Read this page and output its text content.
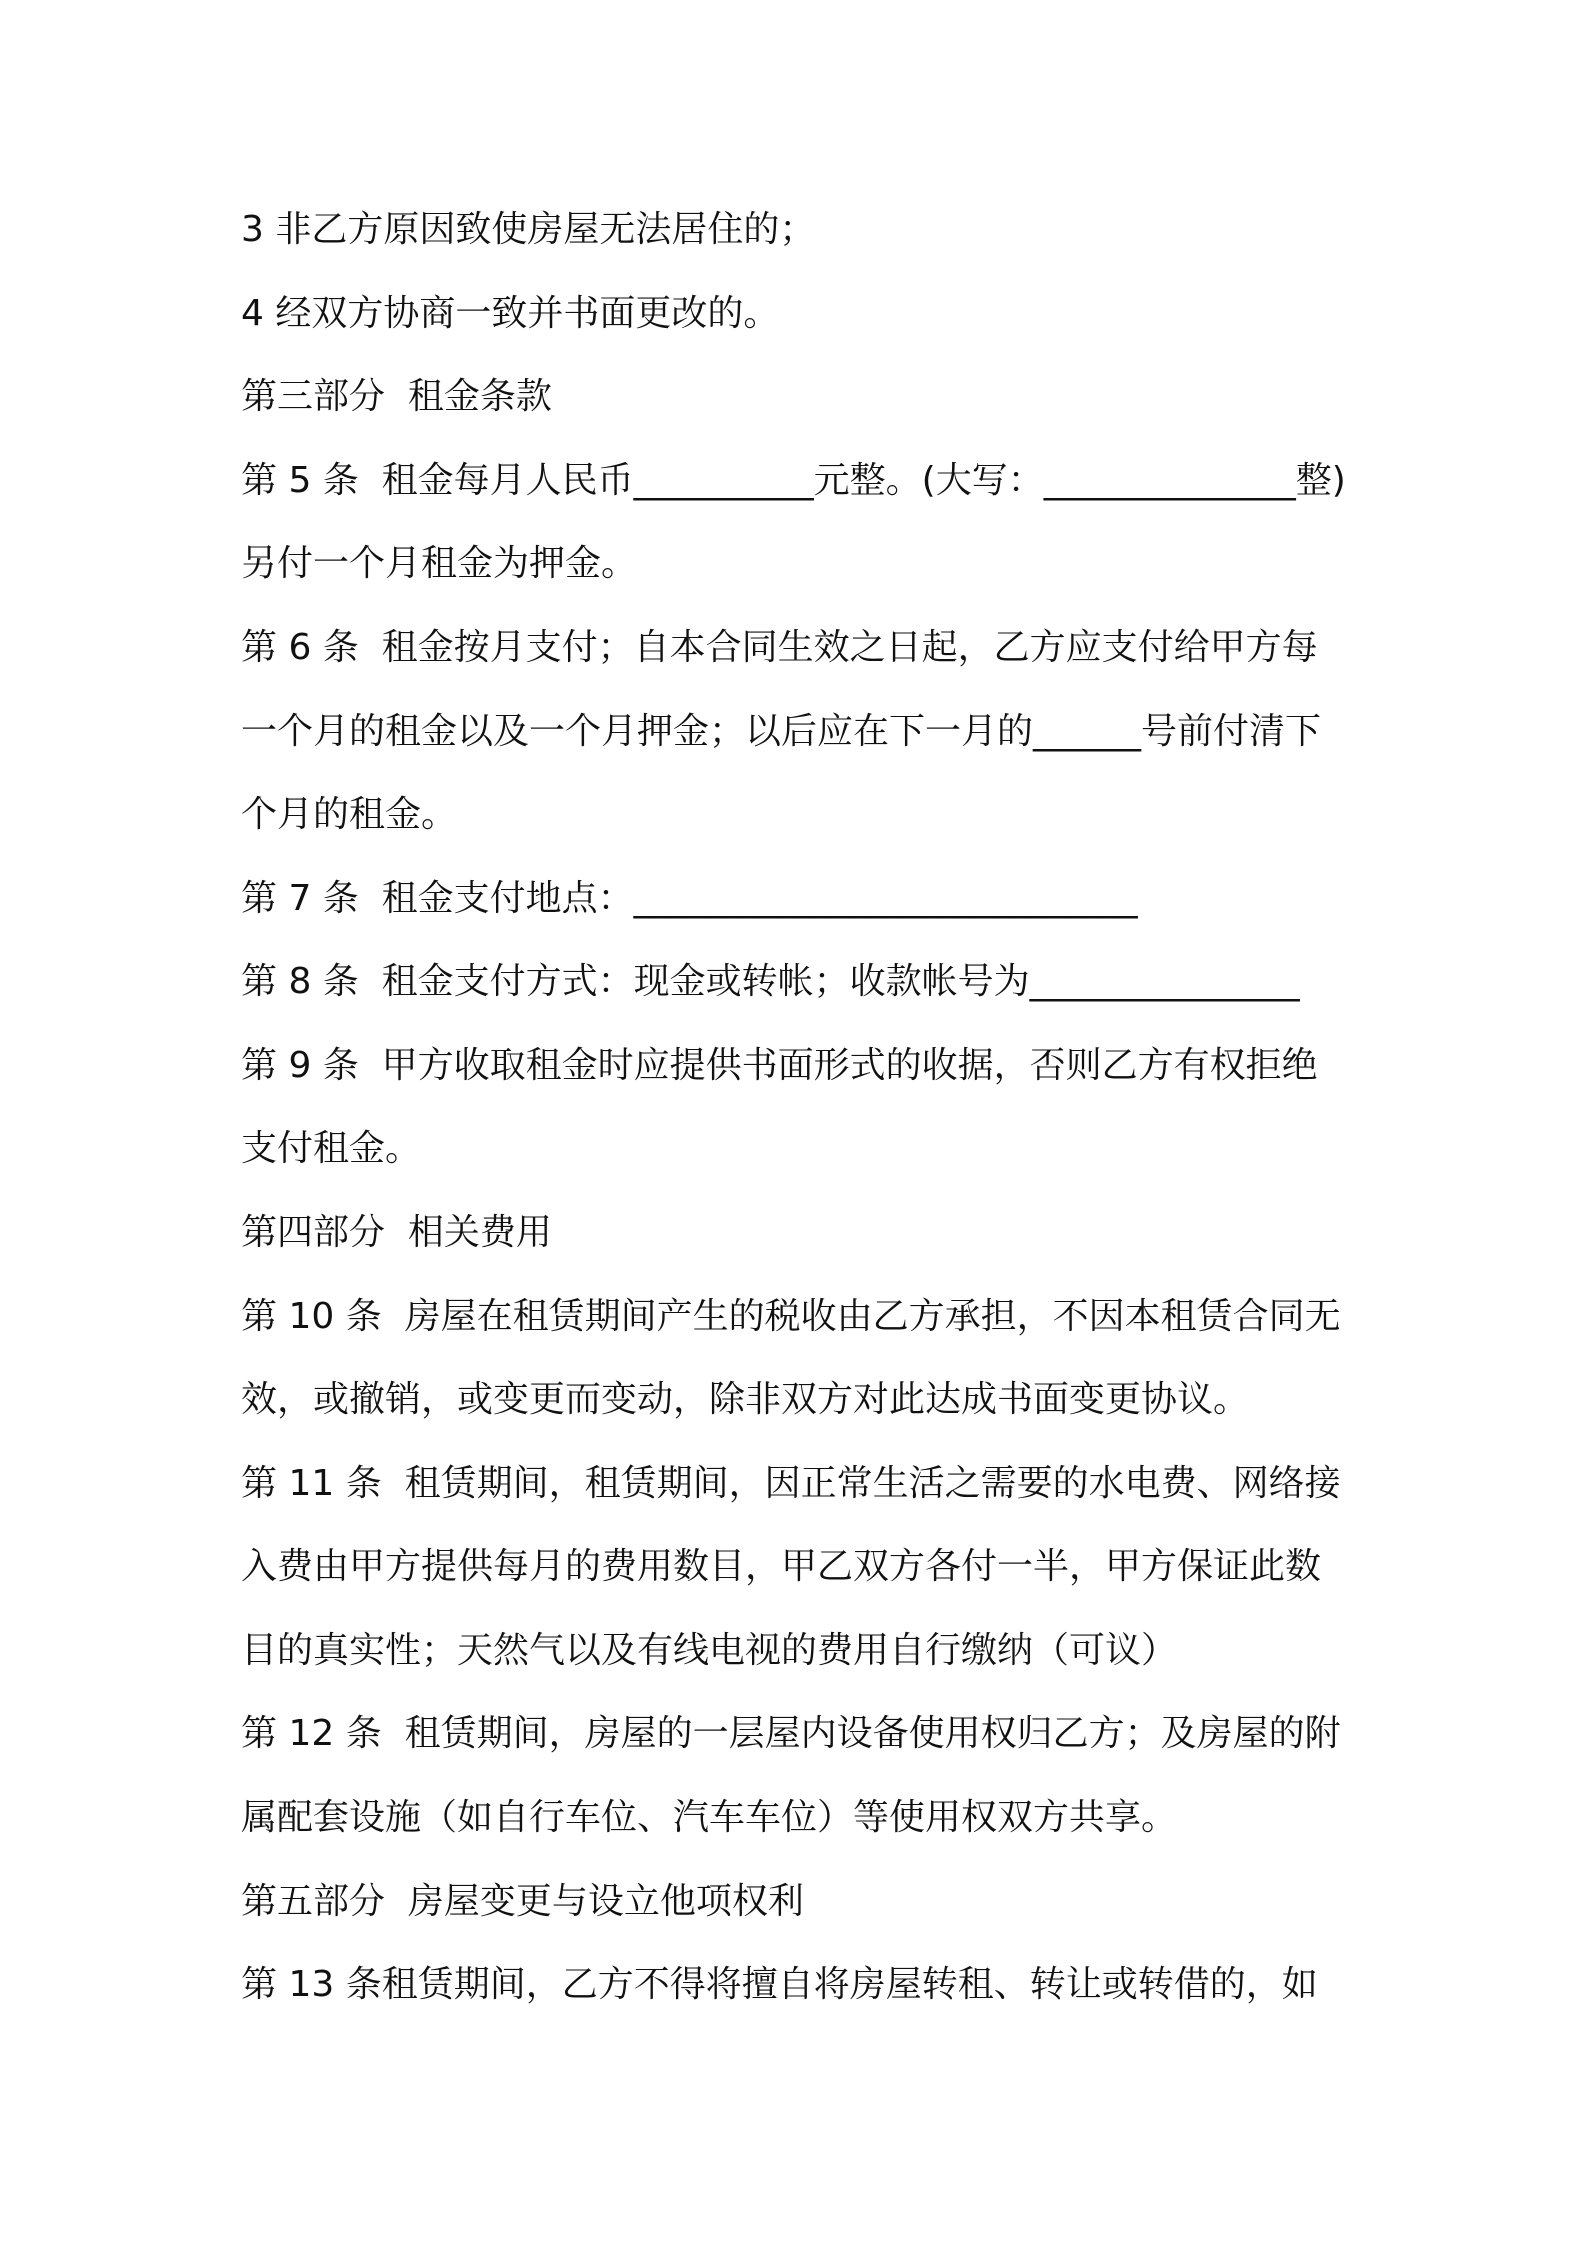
3 非乙方原因致使房屋无法居住的；
4 经双方协商一致并书面更改的。
第三部分  租金条款
第 5 条  租金每月人民币__________元整。(大写：______________整)
另付一个月租金为押金。
第 6 条  租金按月支付；自本合同生效之日起，乙方应支付给甲方每
一个月的租金以及一个月押金；以后应在下一月的______号前付清下
个月的租金。
第 7 条  租金支付地点：____________________________
第 8 条  租金支付方式：现金或转帐；收款帐号为_______________
第 9 条  甲方收取租金时应提供书面形式的收据，否则乙方有权拒绝
支付租金。
第四部分  相关费用
第 10 条  房屋在租赁期间产生的税收由乙方承担，不因本租赁合同无
效，或撤销，或变更而变动，除非双方对此达成书面变更协议。
第 11 条  租赁期间，租赁期间，因正常生活之需要的水电费、网络接
入费由甲方提供每月的费用数目，甲乙双方各付一半，甲方保证此数
目的真实性；天然气以及有线电视的费用自行缴纳（可议）
第 12 条  租赁期间，房屋的一层屋内设备使用权归乙方；及房屋的附
属配套设施（如自行车位、汽车车位）等使用权双方共享。
第五部分  房屋变更与设立他项权利
第 13 条租赁期间，乙方不得将擅自将房屋转租、转让或转借的，如
